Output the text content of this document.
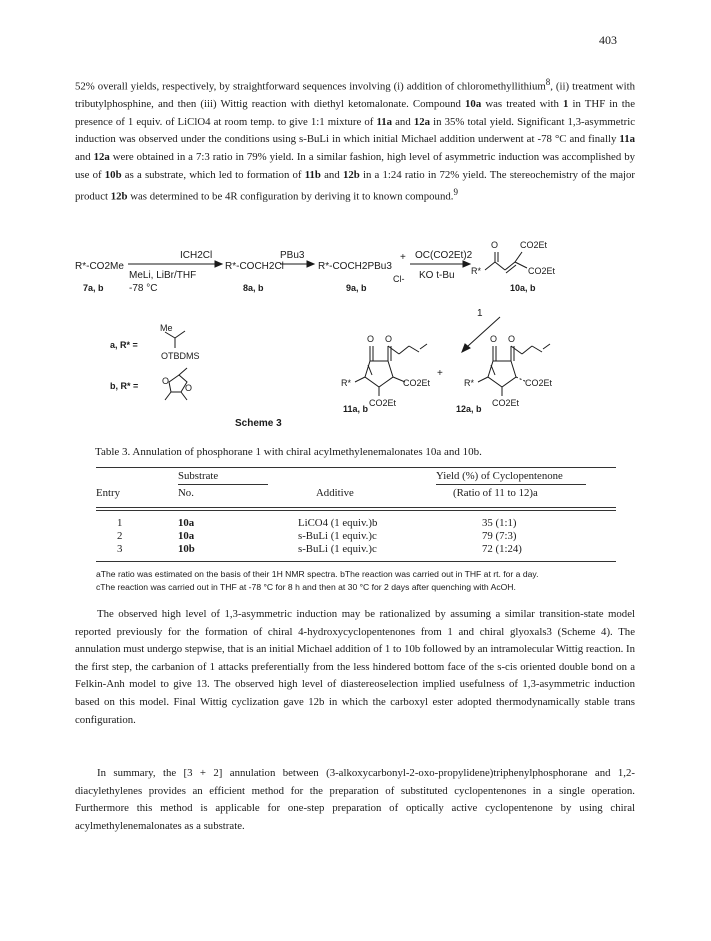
403

52% overall yields, respectively, by straightforward sequences involving (i) addition of chloromethyllithium$^8$, (ii) treatment with tributylphosphine, and then (iii) Wittig reaction with diethyl ketomalonate. Compound 10a was treated with 1 in THF in the presence of 1 equiv. of LiClO4 at room temp. to give 1:1 mixture of 11a and 12a in 35% total yield. Significant 1,3-asymmetric induction was observed under the conditions using s-BuLi in which initial Michael addition underwent at -78 °C and finally 11a and 12a were obtained in a 7:3 ratio in 79% yield. In a similar fashion, high level of asymmetric induction was accomplished by use of 10b as a substrate, which led to formation of 11b and 12b in a 1:24 ratio in 72% yield. The stereochemistry of the major product 12b was determined to be 4R configuration by deriving it to known compound.$^9$

ICH2Cl
MeLi, LiBr/THF
-78 °C
R*-CO2Me
7a, b
R*-COCH2Cl
8a, b
PBu3
R*-COCH2PBu3
9a, b
+ OC(CO2Et)2
KO t-Bu
Cl-
O CO2Et
CO2Et
R*
10a, b
1
a, R* =
Me
OTBDMS
b, R* =	O
O
O O
R*	CO2Et
CO2Et
11a, b
+
O O
R*	CO2Et
CO2Et
12a, b
Scheme 3
Table 3. Annulation of phosphorane 1 with chiral acylmethylenemalonates 10a and 10b.
Substrate	Yield (%) of Cyclopentenone
Entry	No.	Additive	(Ratio of 11 to 12)a
1	10a	LiCO4 (1 equiv.)b	35 (1:1)
2	10a	s-BuLi (1 equiv.)c	79 (7:3)
3	10b	s-BuLi (1 equiv.)c	72 (1:24)
aThe ratio was estimated on the basis of their 1H NMR spectra. bThe reaction was carried out in THF at rt. for a day.
cThe reaction was carried out in THF at -78 °C for 8 h and then at 30 °C for 2 days after quenching with AcOH.

The observed high level of 1,3-asymmetric induction may be rationalized by assuming a similar transition-state model reported previously for the formation of chiral 4-hydroxycyclopentenones from 1 and chiral glyoxals3 (Scheme 4). The annulation must undergo stepwise, that is an initial Michael addition of 1 to 10b followed by an intramolecular Wittig reaction. In the first step, the carbanion of 1 attacks preferentially from the less hindered bottom face of the s-cis oriented double bond on a Felkin-Anh model to give 13. The observed high level of diastereoselection implied usefulness of 1,3-asymmetric induction based on this model. Final Wittig cyclization gave 12b in which the carboxyl ester adopted thermodynamically stable trans configuration.

In summary, the [3 + 2] annulation between (3-alkoxycarbonyl-2-oxo-propylidene)triphenylphosphorane and 1,2-diacylethylenes provides an efficient method for the preparation of substituted cyclopentenones in a single operation. Furthermore this method is applicable for one-step preparation of optically active cyclopentenone by using chiral acylmethylenemalonates as a substrate.
